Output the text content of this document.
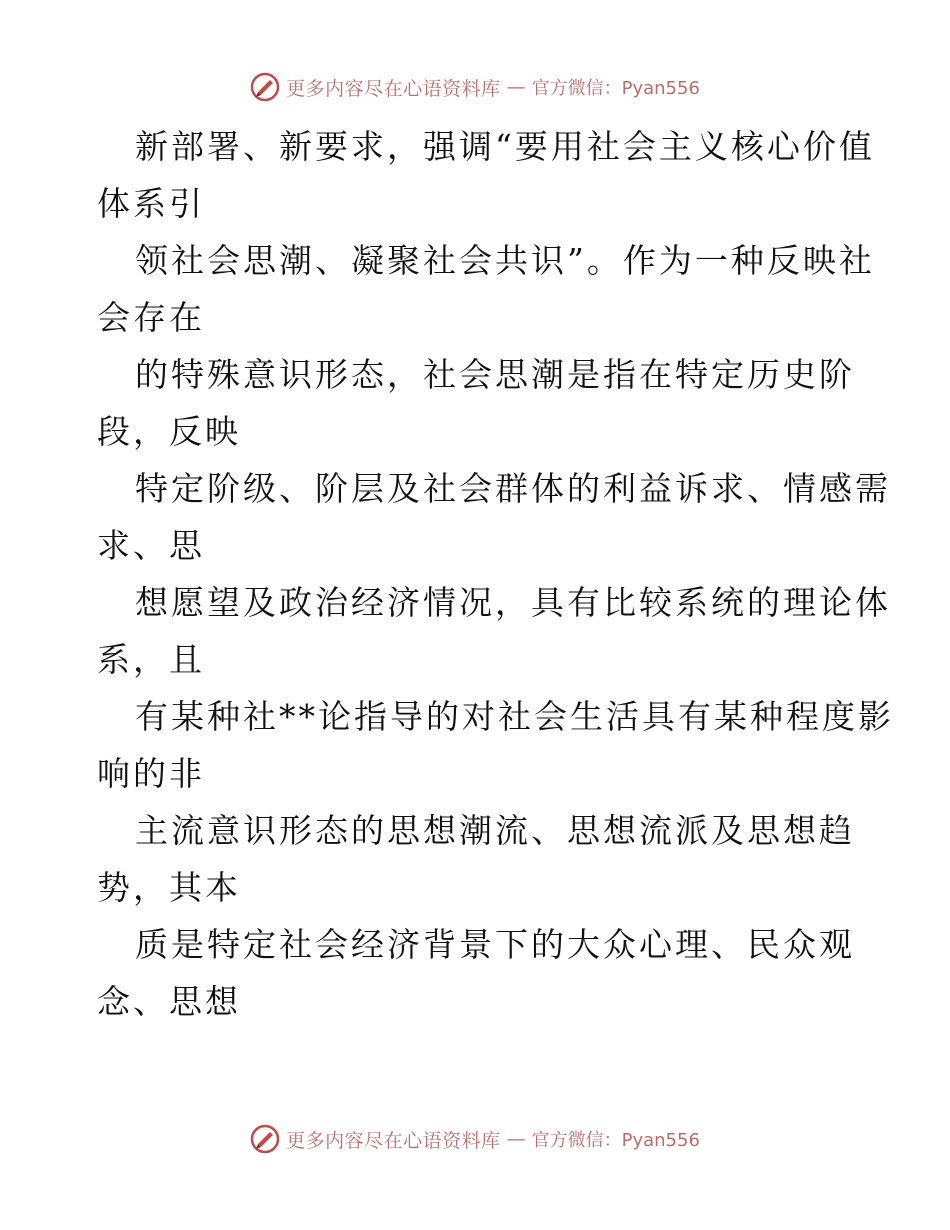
更多内容尽在心语资料库 — 官方微信：Pyan556

新部署、新要求，强调“要用社会主义核心价值
体系引

领社会思潮、凝聚社会共识”。作为一种反映社
会存在

的特殊意识形态，社会思潮是指在特定历史阶
段，反映

特定阶级、阶层及社会群体的利益诉求、情感需
求、思

想愿望及政治经济情况，具有比较系统的理论体
系，且

有某种社**论指导的对社会生活具有某种程度影
响的非

主流意识形态的思想潮流、思想流派及思想趋
势，其本

质是特定社会经济背景下的大众心理、民众观
念、思想

更多内容尽在心语资料库 — 官方微信：Pyan556
